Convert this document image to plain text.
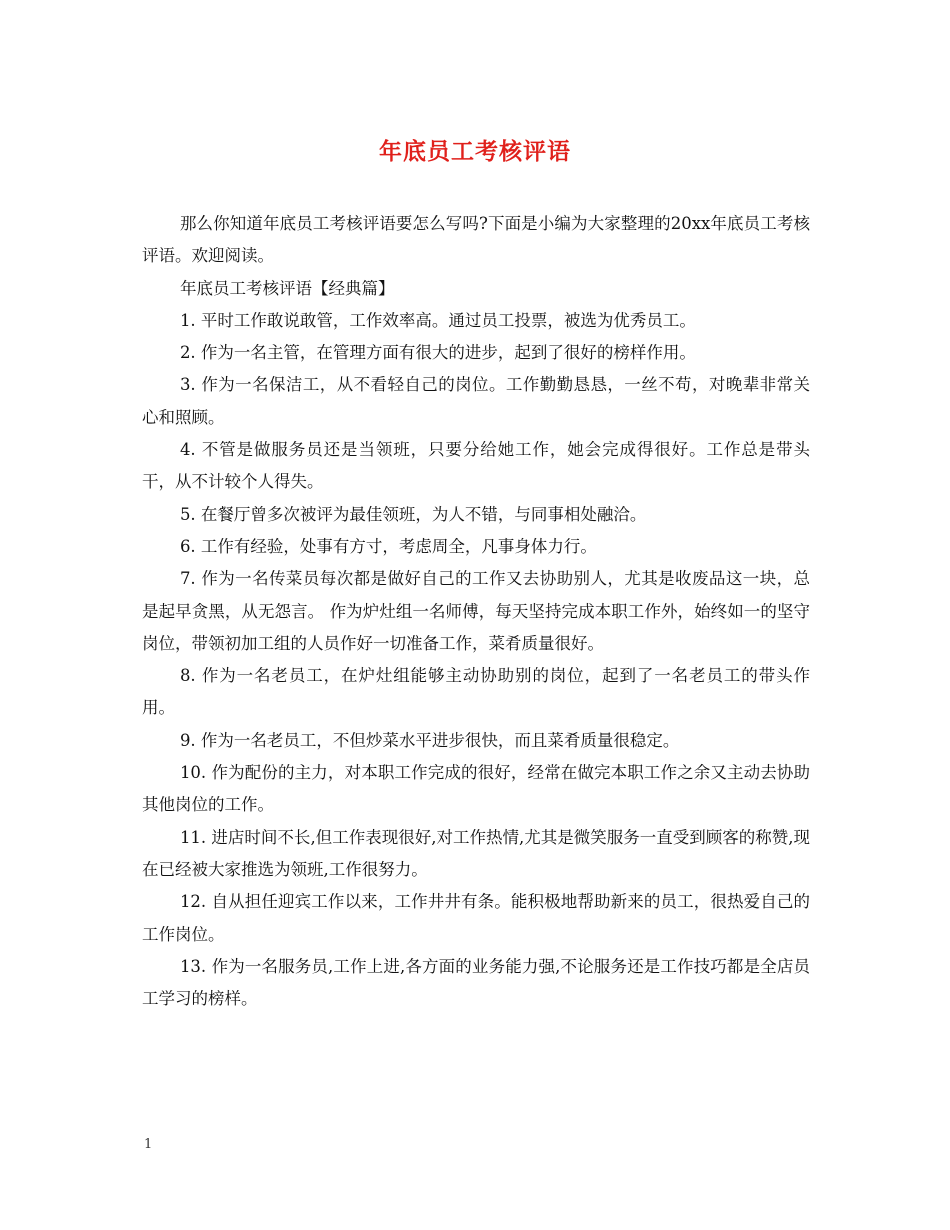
年底员工考核评语

那么你知道年底员工考核评语要怎么写吗?下面是小编为大家整理的20xx年底员工考核评语。欢迎阅读。

年底员工考核评语【经典篇】

1. 平时工作敢说敢管，工作效率高。通过员工投票，被选为优秀员工。

2. 作为一名主管，在管理方面有很大的进步，起到了很好的榜样作用。

3. 作为一名保洁工，从不看轻自己的岗位。工作勤勤恳恳，一丝不苟，对晚辈非常关心和照顾。

4. 不管是做服务员还是当领班，只要分给她工作，她会完成得很好。工作总是带头干，从不计较个人得失。

5. 在餐厅曾多次被评为最佳领班，为人不错，与同事相处融洽。

6. 工作有经验，处事有方寸，考虑周全，凡事身体力行。

7. 作为一名传菜员每次都是做好自己的工作又去协助别人，尤其是收废品这一块，总是起早贪黑，从无怨言。 作为炉灶组一名师傅，每天坚持完成本职工作外，始终如一的坚守岗位，带领初加工组的人员作好一切准备工作，菜肴质量很好。

8. 作为一名老员工，在炉灶组能够主动协助别的岗位，起到了一名老员工的带头作用。

9. 作为一名老员工，不但炒菜水平进步很快，而且菜肴质量很稳定。

10. 作为配份的主力，对本职工作完成的很好，经常在做完本职工作之余又主动去协助其他岗位的工作。

11. 进店时间不长,但工作表现很好,对工作热情,尤其是微笑服务一直受到顾客的称赞,现在已经被大家推选为领班,工作很努力。

12. 自从担任迎宾工作以来，工作井井有条。能积极地帮助新来的员工，很热爱自己的工作岗位。

13. 作为一名服务员,工作上进,各方面的业务能力强,不论服务还是工作技巧都是全店员工学习的榜样。

1
